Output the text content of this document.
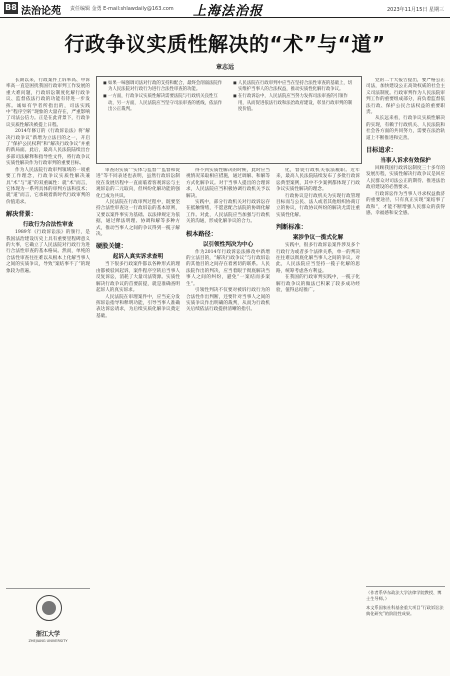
B8 法治论苑 责任编辑 金勇 E-mail:shlawdaily@163.com 上海法治报	2023年11月15日 星期三
行政争议实质性解决的“术”与“道”
章志远

长期以来，行政案件上诉率高、申诉率高一直是困扰我国行政审判工作发展的重大难问题，行政诉讼制度化解行政争议、监督依法行政的功能有待进一步发挥。诚如有学者所指出的，司法实践中“程序空转”现象的大量存在，严重影响了司法公信力。正是在此背景下，行政争议实质性解决被提上日程。

2014年修订的《行政诉讼法》将“解决行政争议”新增为立法目的之一，开启了“保护公民权利”和“解决行政争议”并重的新局面。此后，最高人民法院陆续出台多部司法解释和指导性文件，将行政争议实质性解决作为行政审判的重要目标。

作为人民法院行政审判领域的一项重要工作理念，行政争议实质性解决兼具“术”与“道”的双重属性：就“术”而言，它体现为一系列具体的审判方法和技术；就“道”而言，它承载着新时代行政审判的价值追求。

解决背景：
行政行为合法性审查

1989年《行政诉讼法》的颁行，是我国法治建设历史上具有重要里程碑意义的大事，它确立了人民法院对行政行为进行合法性审查的基本格局。然而，单纯的合法性审查往往难以从根本上化解当事人之间的实质争议，导致“案结事不了”的现象较为普遍。

◼ 如果一味强调司法对行政的支持和配合，最终会削弱法院作为人民法院对行政行为进行合法性审查的功能。
◼ 一方面，行政争议实质性解决需要法院与行政机关良性互动，另一方面，人民法院应当坚守司法审查的底线，依法作出公正裁判。
◼ 人民法院在行政审判中应当在坚持合法性审查的基础上，切实维护当事人的合法权益，推动实质性化解行政争议。
◼ 在行政诉讼中，人民法院应当努力发挥司法审查的引领作用，从而促进依法行政和法治政府建设，彰显行政审判的制度价值。

审查的实质”“实体与监督”“监督和促进”等不同表述也表明，虽然行政诉讼制度在发展历程中一直面临着客观诉讼与主观诉讼的二元取向，但纠纷化解功能的强化已成为共识。

人民法院在行政审判过程中，既要坚持合法性审查这一行政诉讼的基本原则，又要以案件事实为基础、以法律规定为依据，通过释法明理、协调和解等多种方式，推动当事人之间的争议得到一揽子解决。

硬股关键：
起诉人真实诉求查明

当下很多行政案件都以各种形式的理由都被驳回起诉，案件程序空转后当事人反复诉讼，消耗了大量司法资源。实质性解决行政争议的首要前提，就是准确查明起诉人的真实诉求。

人民法院在审理案件中，应当充分发挥诉讼指导和释明功能，引导当事人准确表达诉讼请求，为后续实质化解争议奠定基础。

得不到实质性解决的时候，此时应当视情况采取相应措施，通过调解、和解等方式化解争议。对于当事人提出的合理诉求，人民法院应当积极协调行政机关予以解决。

实践中，部分行政机关对行政诉讼存在抵触情绪，不愿意配合法院的协调化解工作。对此，人民法院应当加强与行政机关的沟通，形成化解争议的合力。

根本路径：
以引领性判决为中心

作为2014年行政诉讼法修改中新增的立法目的，“解决行政争议”与行政诉讼的其他目的之间存在着密切的联系。人民法院作出的判决，应当着眼于彻底解决当事人之间的纠纷，避免“一案结而多案生”。

引领性判决不仅要对被诉行政行为的合法性作出判断，还要针对当事人之间的实质争议作出明确的裁判，从而为行政机关后续依法行政提供清晰的指引。

化，督促行政机关依法履职。近年来，最高人民法院陆续发布了多批行政诉讼典型案例，其中不少案例都体现了行政争议实质性解决的理念。

行政协议是行政机关为实现行政管理目标而与公民、法人或者其他组织协商订立的协议，行政协议纠纷的解决尤需注重实质性化解。

判断标准：
案涉争议一揽式化解

实践中，很多行政诉讼案件涉及多个行政行为或者多个法律关系，单一的判决往往难以彻底化解当事人之间的争议。对此，人民法院应当坚持一揽子化解的思路，统筹考虑各方利益。

在我国的行政审判实践中，一揽子化解行政争议的做法已积累了较多成功经验，值得总结推广。

党的二十大报告提出，要严格公正司法，加快建设公正高效权威的社会主义司法制度。行政审判作为人民法院审判工作的重要组成部分，肩负着监督依法行政、保护公民合法权益的重要职责。

从长远来看，行政争议实质性解决的实现，有赖于行政机关、人民法院和社会各方面的共同努力，需要在法治轨道上不断推进和完善。

目标追求：
当事人诉求有效保护

回顾我国行政诉讼制度三十多年的发展历程，实质性解决行政争议是回应人民群众对司法公正的期待、推进法治政府建设的必然要求。

行政诉讼作为当事人寻求权益救济的重要途径，只有真正实现“案结事了政和”，才能不断增强人民群众的获得感、幸福感和安全感。

浙江大学
ZHEJIANG UNIVERSITY

（作者系华东政法大学法律学院教授、博士生导师。）

本文系国家社科基金重大项目“行政诉讼法典化研究”的阶段性成果。
